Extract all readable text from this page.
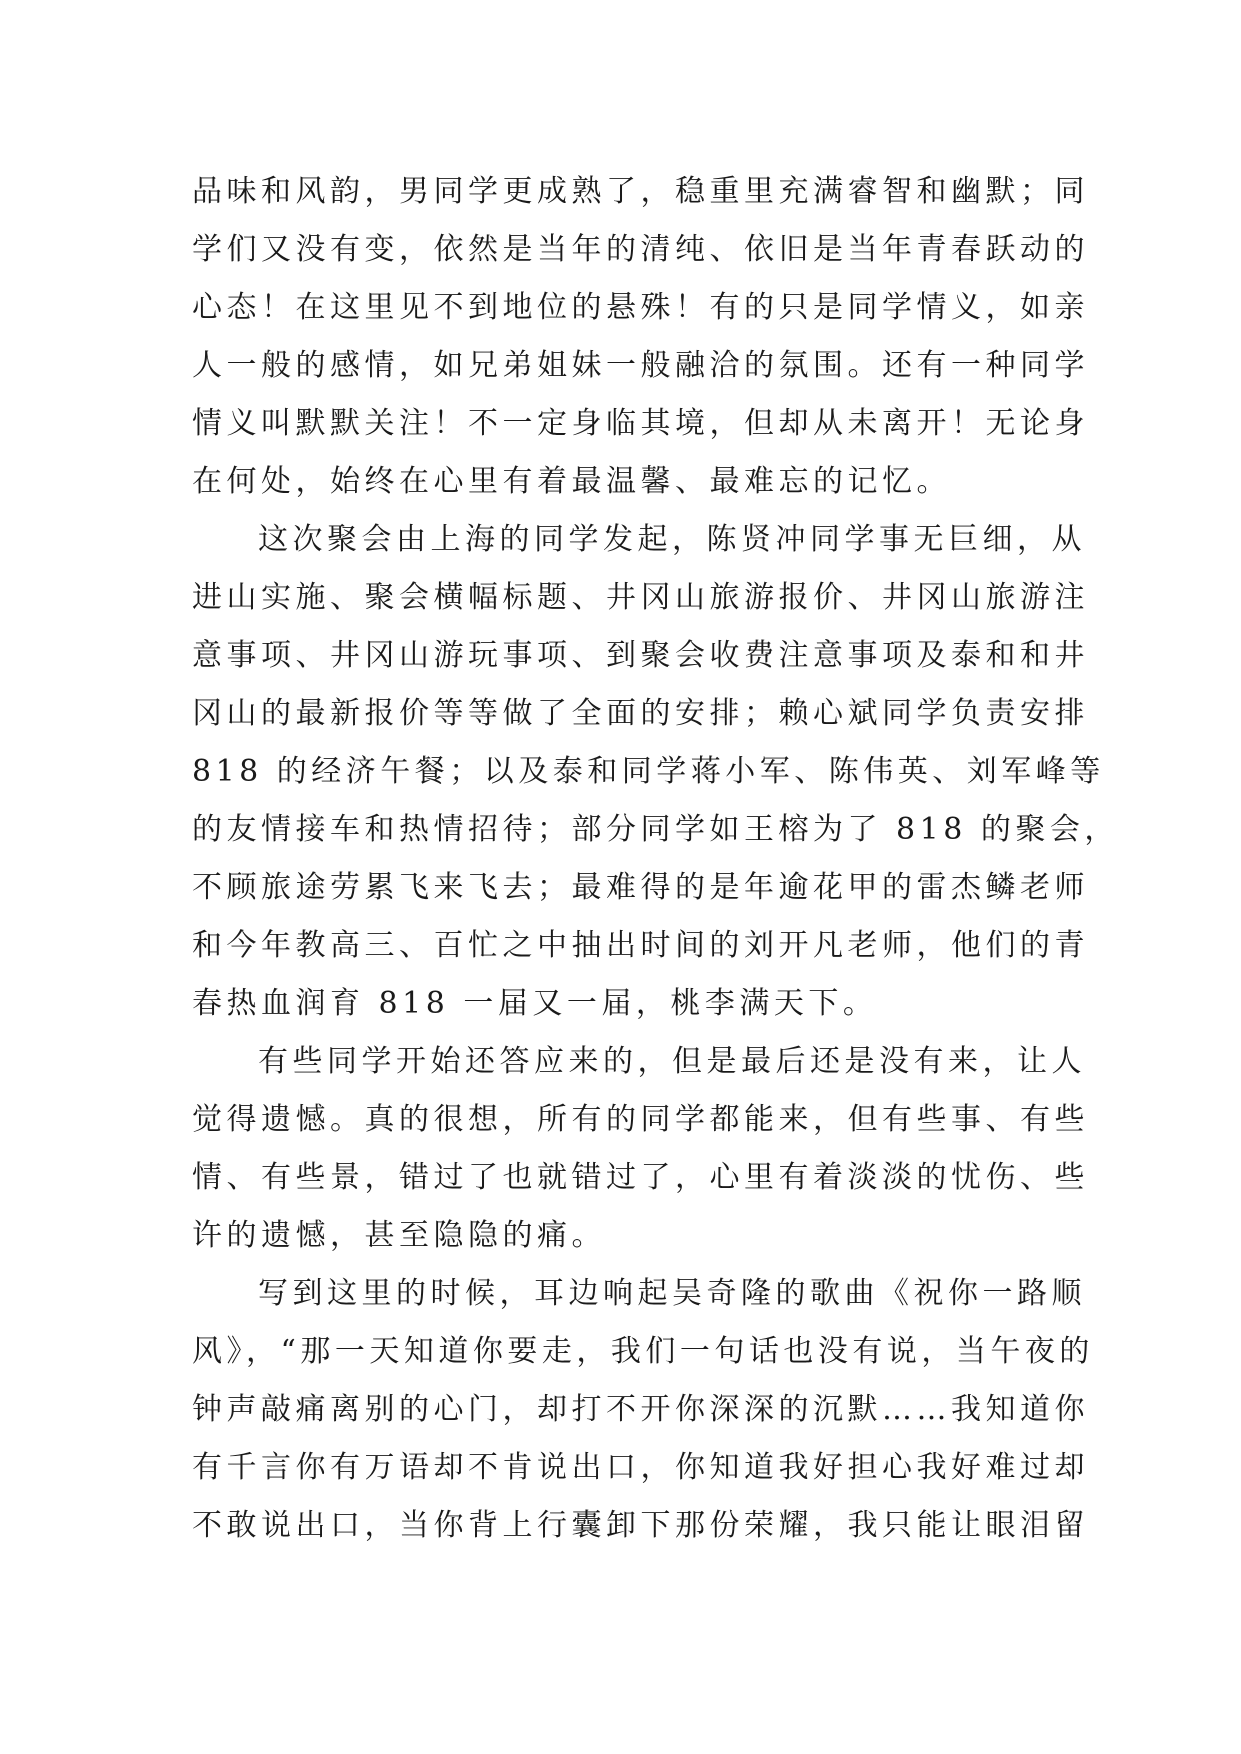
品味和风韵，男同学更成熟了，稳重里充满睿智和幽默；同
学们又没有变，依然是当年的清纯、依旧是当年青春跃动的
心态！在这里见不到地位的悬殊！有的只是同学情义，如亲
人一般的感情，如兄弟姐妹一般融洽的氛围。还有一种同学
情义叫默默关注！不一定身临其境，但却从未离开！无论身
在何处，始终在心里有着最温馨、最难忘的记忆。
这次聚会由上海的同学发起，陈贤冲同学事无巨细，从
进山实施、聚会横幅标题、井冈山旅游报价、井冈山旅游注
意事项、井冈山游玩事项、到聚会收费注意事项及泰和和井
冈山的最新报价等等做了全面的安排；赖心斌同学负责安排
818 的经济午餐；以及泰和同学蒋小军、陈伟英、刘军峰等
的友情接车和热情招待；部分同学如王榕为了 818 的聚会，
不顾旅途劳累飞来飞去；最难得的是年逾花甲的雷杰鳞老师
和今年教高三、百忙之中抽出时间的刘开凡老师，他们的青
春热血润育 818 一届又一届，桃李满天下。
有些同学开始还答应来的，但是最后还是没有来，让人
觉得遗憾。真的很想，所有的同学都能来，但有些事、有些
情、有些景，错过了也就错过了，心里有着淡淡的忧伤、些
许的遗憾，甚至隐隐的痛。
写到这里的时候，耳边响起吴奇隆的歌曲《祝你一路顺
风》，“那一天知道你要走，我们一句话也没有说，当午夜的
钟声敲痛离别的心门，却打不开你深深的沉默……我知道你
有千言你有万语却不肯说出口，你知道我好担心我好难过却
不敢说出口，当你背上行囊卸下那份荣耀，我只能让眼泪留
